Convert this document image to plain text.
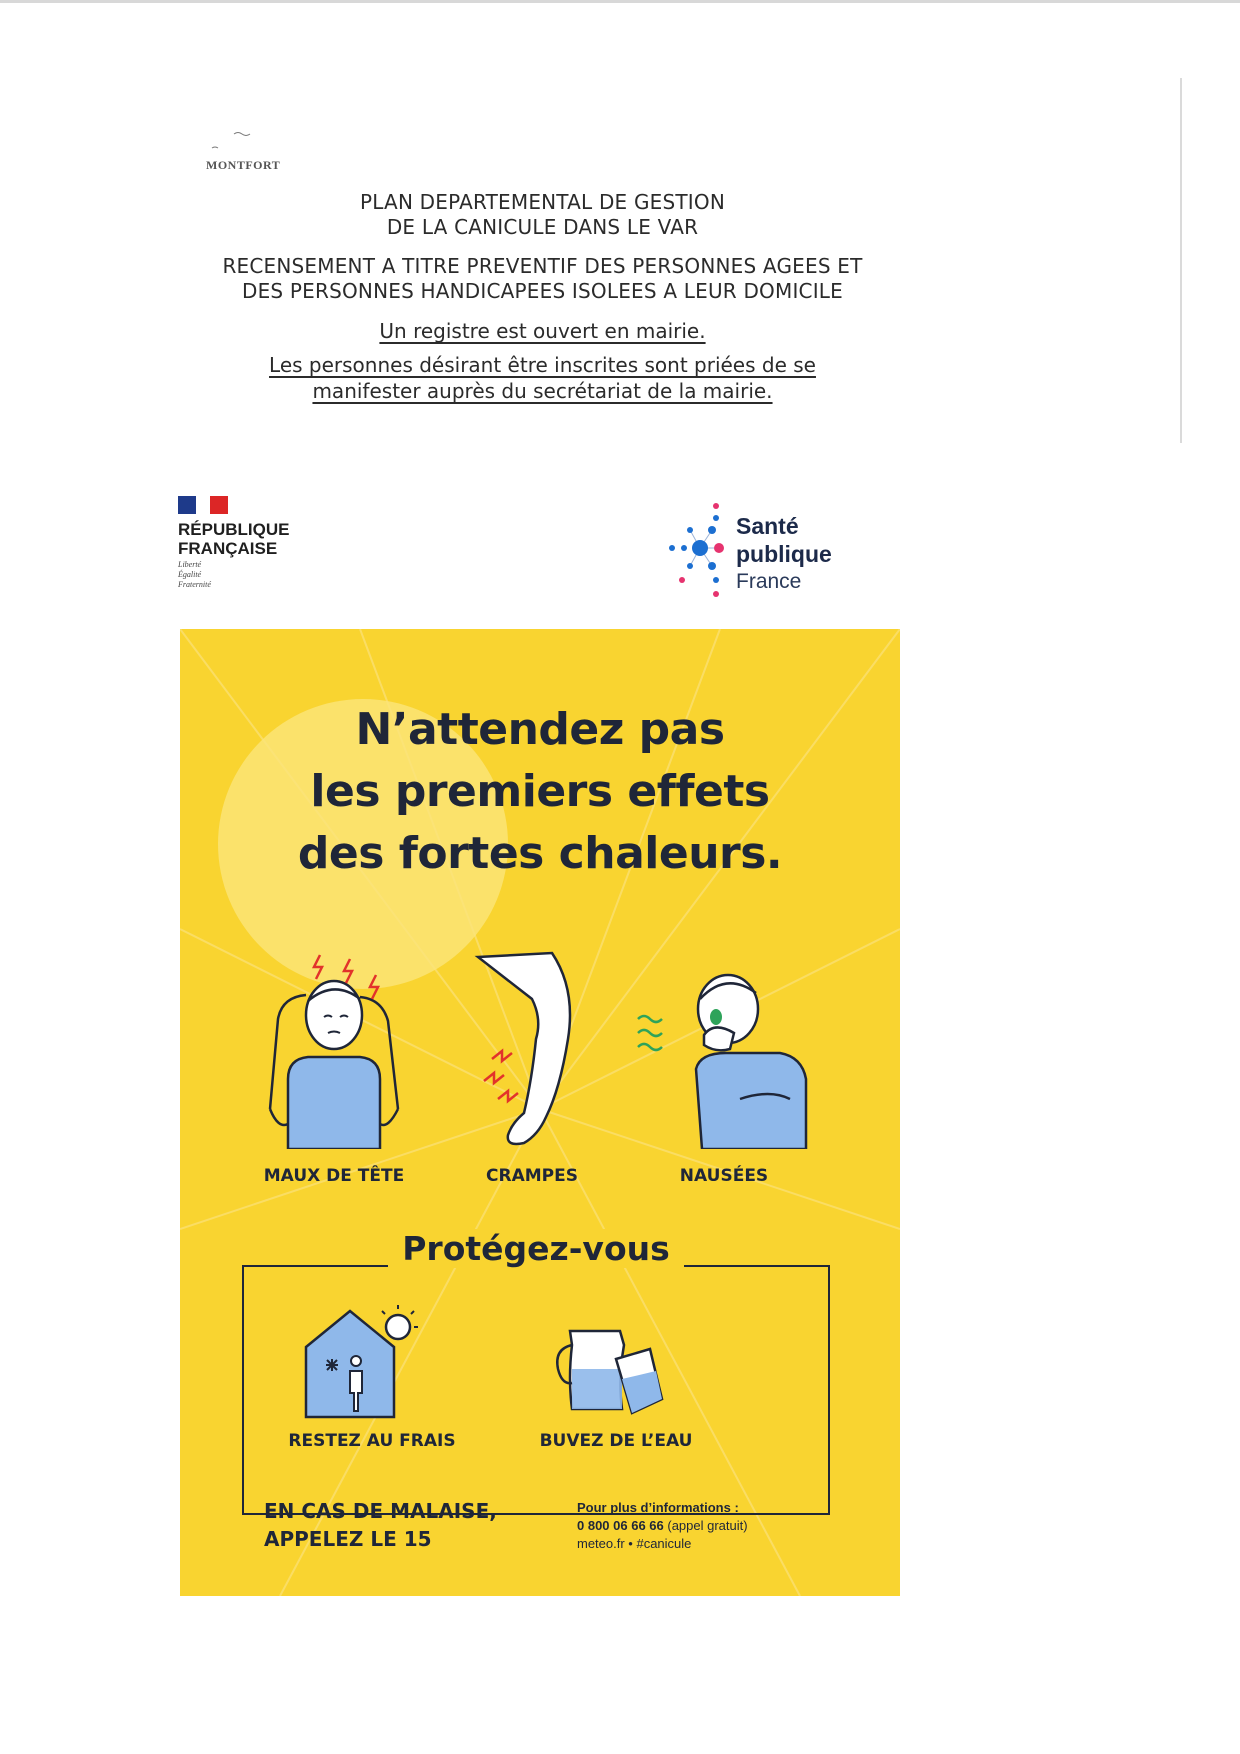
MONTFORT
PLAN DEPARTEMENTAL DE GESTION
DE LA CANICULE DANS LE VAR
RECENSEMENT A TITRE PREVENTIF DES PERSONNES AGEES ET
DES PERSONNES HANDICAPEES ISOLEES A LEUR DOMICILE
Un registre est ouvert en mairie.
Les personnes désirant être inscrites sont priées de se
manifester auprès du secrétariat de la mairie.
RÉPUBLIQUE
FRANÇAISE
Liberté
Égalité
Fraternité
Santé
publique
France
N’attendez pas
les premiers effets
des fortes chaleurs.
MAUX DE TÊTE	CRAMPES	NAUSÉES
Protégez-vous
RESTEZ AU FRAIS	BUVEZ DE L’EAU
EN CAS DE MALAISE,
APPELEZ LE 15
Pour plus d’informations :
0 800 06 66 66 (appel gratuit)
meteo.fr • #canicule
